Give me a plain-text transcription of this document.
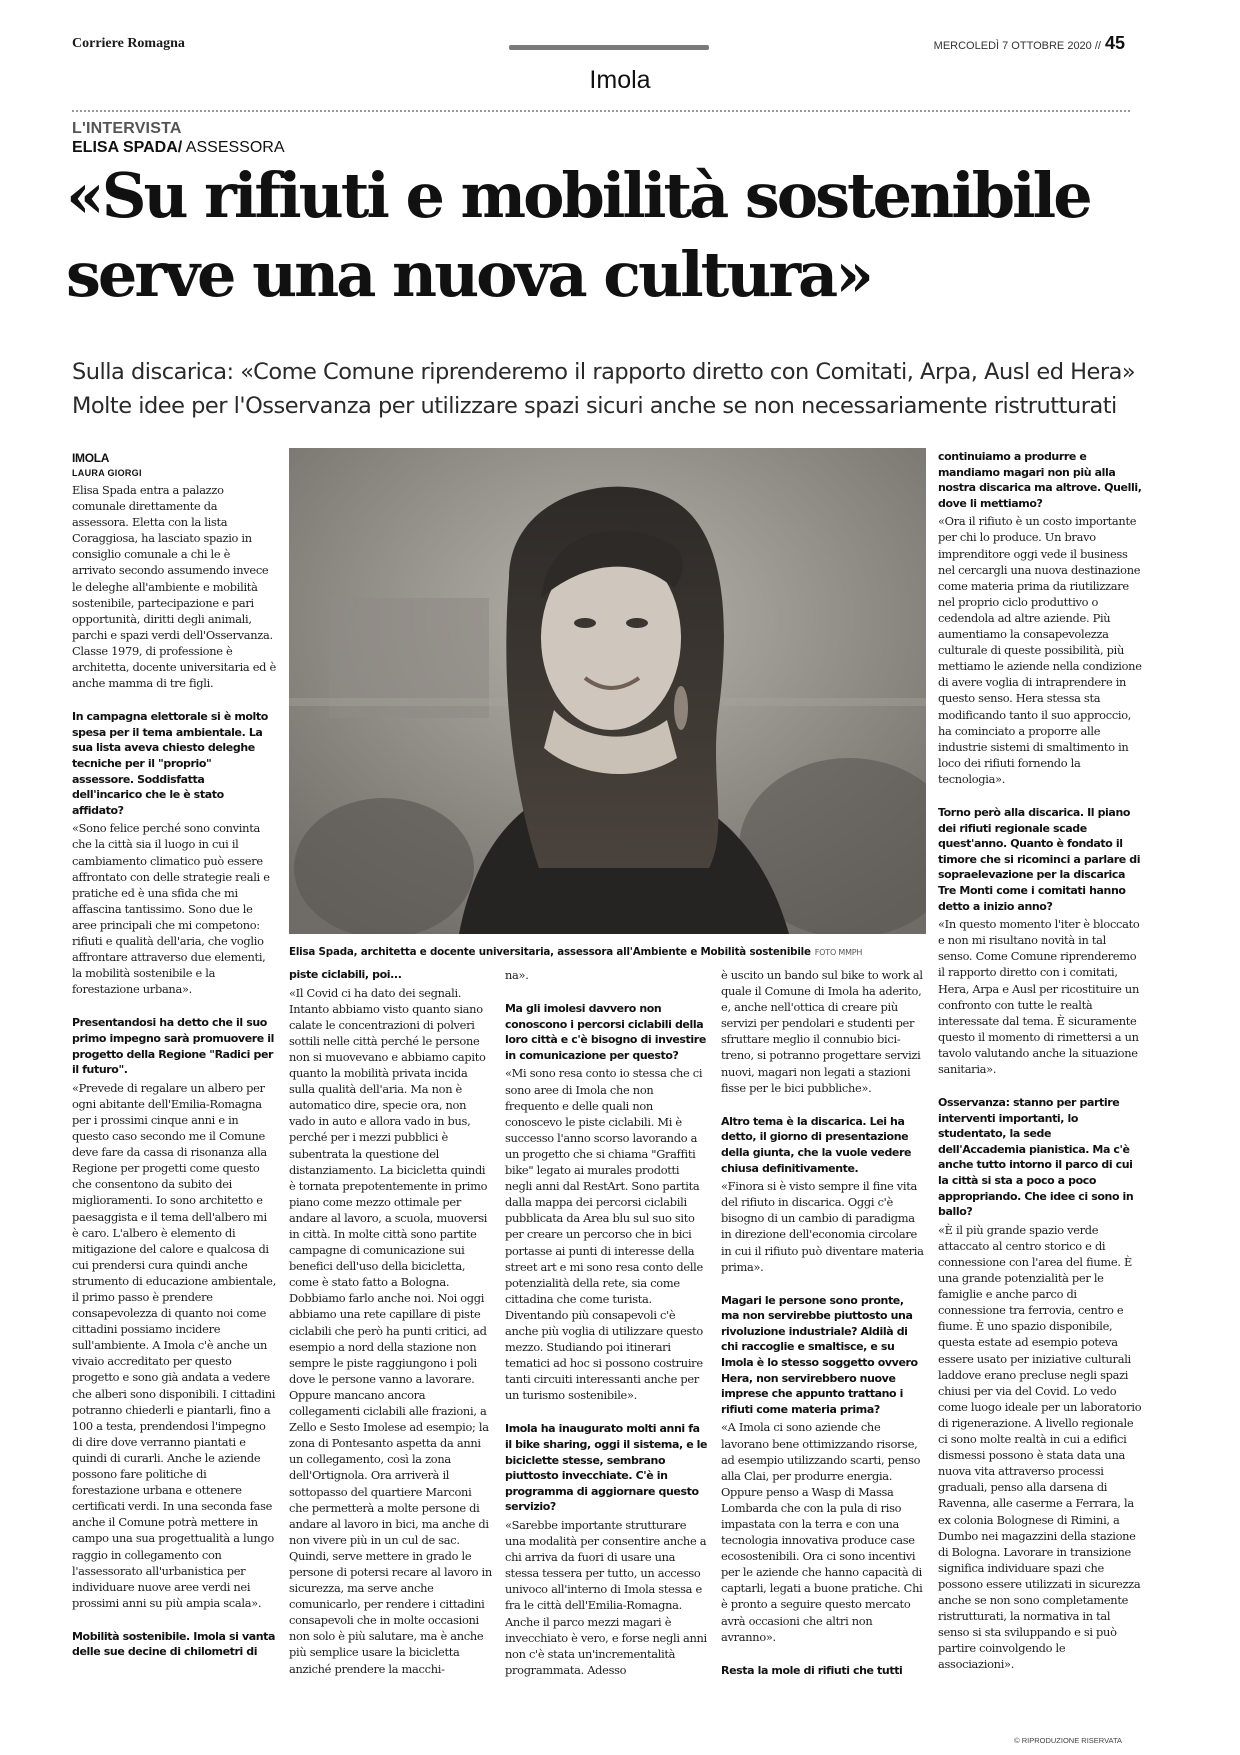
Corriere Romagna	MERCOLEDÌ 7 OTTOBRE 2020 // 45
Imola
L'INTERVISTA
ELISA SPADA/ ASSESSORA
«Su rifiuti e mobilità sostenibile
serve una nuova cultura»
Sulla discarica: «Come Comune riprenderemo il rapporto diretto con Comitati, Arpa, Ausl ed Hera»
Molte idee per l'Osservanza per utilizzare spazi sicuri anche se non necessariamente ristrutturati
IMOLA
LAURA GIORGI

Elisa Spada entra a palazzo comunale direttamente da assessora. Eletta con la lista Coraggiosa, ha lasciato spazio in consiglio comunale a chi le è arrivato secondo assumendo invece le deleghe all'ambiente e mobilità sostenibile, partecipazione e pari opportunità, diritti degli animali, parchi e spazi verdi dell'Osservanza. Classe 1979, di professione è architetta, docente universitaria ed è anche mamma di tre figli.

In campagna elettorale si è molto spesa per il tema ambientale. La sua lista aveva chiesto deleghe tecniche per il "proprio" assessore. Soddisfatta dell'incarico che le è stato affidato?

«Sono felice perché sono convinta che la città sia il luogo in cui il cambiamento climatico può essere affrontato con delle strategie reali e pratiche ed è una sfida che mi affascina tantissimo. Sono due le aree principali che mi competono: rifiuti e qualità dell'aria, che voglio affrontare attraverso due elementi, la mobilità sostenibile e la forestazione urbana».

Presentandosi ha detto che il suo primo impegno sarà promuovere il progetto della Regione "Radici per il futuro".

«Prevede di regalare un albero per ogni abitante dell'Emilia-Romagna per i prossimi cinque anni e in questo caso secondo me il Comune deve fare da cassa di risonanza alla Regione per progetti come questo che consentono da subito dei miglioramenti. Io sono architetto e paesaggista e il tema dell'albero mi è caro. L'albero è elemento di mitigazione del calore e qualcosa di cui prendersi cura quindi anche strumento di educazione ambientale, il primo passo è prendere consapevolezza di quanto noi come cittadini possiamo incidere sull'ambiente. A Imola c'è anche un vivaio accreditato per questo progetto e sono già andata a vedere che alberi sono disponibili. I cittadini potranno chiederli e piantarli, fino a 100 a testa, prendendosi l'impegno di dire dove verranno piantati e quindi di curarli. Anche le aziende possono fare politiche di forestazione urbana e ottenere certificati verdi. In una seconda fase anche il Comune potrà mettere in campo una sua progettualità a lungo raggio in collegamento con l'assessorato all'urbanistica per individuare nuove aree verdi nei prossimi anni su più ampia scala».

Mobilità sostenibile. Imola si vanta delle sue decine di chilometri di
Elisa Spada, architetta e docente universitaria, assessora all'Ambiente e Mobilità sostenibile FOTO MMPH
piste ciclabili, poi...

«Il Covid ci ha dato dei segnali. Intanto abbiamo visto quanto siano calate le concentrazioni di polveri sottili nelle città perché le persone non si muovevano e abbiamo capito quanto la mobilità privata incida sulla qualità dell'aria. Ma non è automatico dire, specie ora, non vado in auto e allora vado in bus, perché per i mezzi pubblici è subentrata la questione del distanziamento. La bicicletta quindi è tornata prepotentemente in primo piano come mezzo ottimale per andare al lavoro, a scuola, muoversi in città. In molte città sono partite campagne di comunicazione sui benefici dell'uso della bicicletta, come è stato fatto a Bologna. Dobbiamo farlo anche noi. Noi oggi abbiamo una rete capillare di piste ciclabili che però ha punti critici, ad esempio a nord della stazione non sempre le piste raggiungono i poli dove le persone vanno a lavorare. Oppure mancano ancora collegamenti ciclabili alle frazioni, a Zello e Sesto Imolese ad esempio; la zona di Pontesanto aspetta da anni un collegamento, così la zona dell'Ortignola. Ora arriverà il sottopasso del quartiere Marconi che permetterà a molte persone di andare al lavoro in bici, ma anche di non vivere più in un cul de sac. Quindi, serve mettere in grado le persone di potersi recare al lavoro in sicurezza, ma serve anche comunicarlo, per rendere i cittadini consapevoli che in molte occasioni non solo è più salutare, ma è anche più semplice usare la bicicletta anziché prendere la macchi-

na».

Ma gli imolesi davvero non conoscono i percorsi ciclabili della loro città e c'è bisogno di investire in comunicazione per questo?

«Mi sono resa conto io stessa che ci sono aree di Imola che non frequento e delle quali non conoscevo le piste ciclabili. Mi è successo l'anno scorso lavorando a un progetto che si chiama "Graffiti bike" legato ai murales prodotti negli anni dal RestArt. Sono partita dalla mappa dei percorsi ciclabili pubblicata da Area blu sul suo sito per creare un percorso che in bici portasse ai punti di interesse della street art e mi sono resa conto delle potenzialità della rete, sia come cittadina che come turista. Diventando più consapevoli c'è anche più voglia di utilizzare questo mezzo. Studiando poi itinerari tematici ad hoc si possono costruire tanti circuiti interessanti anche per un turismo sostenibile».

Imola ha inaugurato molti anni fa il bike sharing, oggi il sistema, e le biciclette stesse, sembrano piuttosto invecchiate. C'è in programma di aggiornare questo servizio?

«Sarebbe importante strutturare una modalità per consentire anche a chi arriva da fuori di usare una stessa tessera per tutto, un accesso univoco all'interno di Imola stessa e fra le città dell'Emilia-Romagna. Anche il parco mezzi magari è invecchiato è vero, e forse negli anni non c'è stata un'incrementalità programmata. Adesso

è uscito un bando sul bike to work al quale il Comune di Imola ha aderito, e, anche nell'ottica di creare più servizi per pendolari e studenti per sfruttare meglio il connubio bici-treno, si potranno progettare servizi nuovi, magari non legati a stazioni fisse per le bici pubbliche».

Altro tema è la discarica. Lei ha detto, il giorno di presentazione della giunta, che la vuole vedere chiusa definitivamente.

«Finora si è visto sempre il fine vita del rifiuto in discarica. Oggi c'è bisogno di un cambio di paradigma in direzione dell'economia circolare in cui il rifiuto può diventare materia prima».

Magari le persone sono pronte, ma non servirebbe piuttosto una rivoluzione industriale? Aldilà di chi raccoglie e smaltisce, e su Imola è lo stesso soggetto ovvero Hera, non servirebbero nuove imprese che appunto trattano i rifiuti come materia prima?

«A Imola ci sono aziende che lavorano bene ottimizzando risorse, ad esempio utilizzando scarti, penso alla Clai, per produrre energia. Oppure penso a Wasp di Massa Lombarda che con la pula di riso impastata con la terra e con una tecnologia innovativa produce case ecosostenibili. Ora ci sono incentivi per le aziende che hanno capacità di captarli, legati a buone pratiche. Chi è pronto a seguire questo mercato avrà occasioni che altri non avranno».

Resta la mole di rifiuti che tutti
continuiamo a produrre e mandiamo magari non più alla nostra discarica ma altrove. Quelli, dove li mettiamo?

«Ora il rifiuto è un costo importante per chi lo produce. Un bravo imprenditore oggi vede il business nel cercargli una nuova destinazione come materia prima da riutilizzare nel proprio ciclo produttivo o cedendola ad altre aziende. Più aumentiamo la consapevolezza culturale di queste possibilità, più mettiamo le aziende nella condizione di avere voglia di intraprendere in questo senso. Hera stessa sta modificando tanto il suo approccio, ha cominciato a proporre alle industrie sistemi di smaltimento in loco dei rifiuti fornendo la tecnologia».

Torno però alla discarica. Il piano dei rifiuti regionale scade quest'anno. Quanto è fondato il timore che si ricominci a parlare di sopraelevazione per la discarica Tre Monti come i comitati hanno detto a inizio anno?

«In questo momento l'iter è bloccato e non mi risultano novità in tal senso. Come Comune riprenderemo il rapporto diretto con i comitati, Hera, Arpa e Ausl per ricostituire un confronto con tutte le realtà interessate dal tema. È sicuramente questo il momento di rimettersi a un tavolo valutando anche la situazione sanitaria».

Osservanza: stanno per partire interventi importanti, lo studentato, la sede dell'Accademia pianistica. Ma c'è anche tutto intorno il parco di cui la città si sta a poco a poco appropriando. Che idee ci sono in ballo?

«È il più grande spazio verde attaccato al centro storico e di connessione con l'area del fiume. È una grande potenzialità per le famiglie e anche parco di connessione tra ferrovia, centro e fiume. È uno spazio disponibile, questa estate ad esempio poteva essere usato per iniziative culturali laddove erano precluse negli spazi chiusi per via del Covid. Lo vedo come luogo ideale per un laboratorio di rigenerazione. A livello regionale ci sono molte realtà in cui a edifici dismessi possono è stata data una nuova vita attraverso processi graduali, penso alla darsena di Ravenna, alle caserme a Ferrara, la ex colonia Bolognese di Rimini, a Dumbo nei magazzini della stazione di Bologna. Lavorare in transizione significa individuare spazi che possono essere utilizzati in sicurezza anche se non sono completamente ristrutturati, la normativa in tal senso si sta sviluppando e si può partire coinvolgendo le associazioni».

© RIPRODUZIONE RISERVATA
